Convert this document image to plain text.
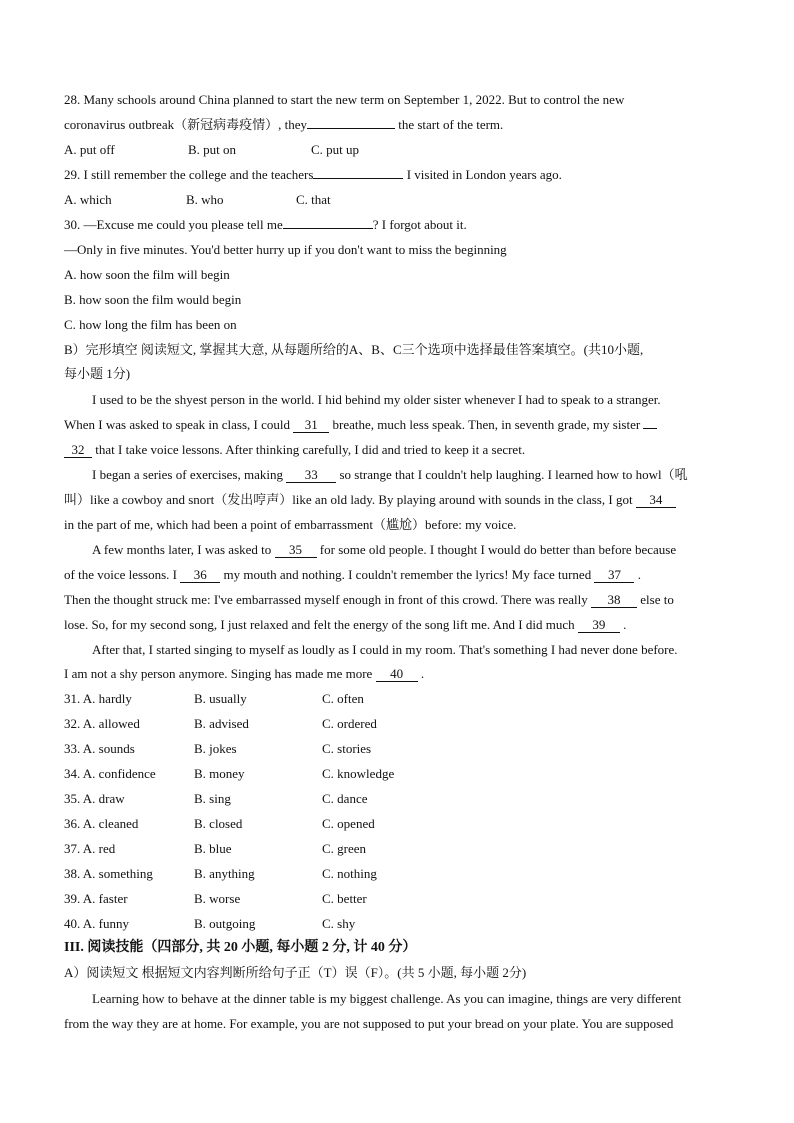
28. Many schools around China planned to start the new term on September 1, 2022. But to control the new
coronavirus outbreak（新冠病毒疫情）, they	the start of the term.
A. put off	B. put on	C. put up
29. I still remember the college and the teachers	I visited in London years ago.
A. which	B. who	C. that
30. —Excuse me could you please tell me	? I forgot about it.
—Only in five minutes. You'd better hurry up if you don't want to miss the beginning
A. how soon the film will begin
B. how soon the film would begin
C. how long the film has been on
B）完形填空 阅读短文, 掌握其大意, 从每题所给的A、B、C三个选项中选择最佳答案填空。(共10小题,
每小题 1分)
I used to be the shyest person in the world. I hid behind my older sister whenever I had to speak to a stranger.
When I was asked to speak in class, I could 31 breathe, much less speak. Then, in seventh grade, my sister
32 that I take voice lessons. After thinking carefully, I did and tried to keep it a secret.
I began a series of exercises, making 33 so strange that I couldn't help laughing. I learned how to howl（吼
叫）like a cowboy and snort（发出哼声）like an old lady. By playing around with sounds in the class, I got 34
in the part of me, which had been a point of embarrassment（尴尬）before: my voice.
A few months later, I was asked to 35 for some old people. I thought I would do better than before because
of the voice lessons. I 36 my mouth and nothing. I couldn't remember the lyrics! My face turned 37 .
Then the thought struck me: I've embarrassed myself enough in front of this crowd. There was really 38 else to
lose. So, for my second song, I just relaxed and felt the energy of the song lift me. And I did much 39 .
After that, I started singing to myself as loudly as I could in my room. That's something I had never done before.
I am not a shy person anymore. Singing has made me more 40 .
31. A. hardly	B. usually	C. often
32. A. allowed	B. advised	C. ordered
33. A. sounds	B. jokes	C. stories
34. A. confidence	B. money	C. knowledge
35. A. draw	B. sing	C. dance
36. A. cleaned	B. closed	C. opened
37. A. red	B. blue	C. green
38. A. something	B. anything	C. nothing
39. A. faster	B. worse	C. better
40. A. funny	B. outgoing	C. shy
III. 阅读技能（四部分, 共 20 小题, 每小题 2 分, 计 40 分）
A）阅读短文 根据短文内容判断所给句子正（T）误（F）。(共 5 小题, 每小题 2分)
Learning how to behave at the dinner table is my biggest challenge. As you can imagine, things are very different
from the way they are at home. For example, you are not supposed to put your bread on your plate. You are supposed
